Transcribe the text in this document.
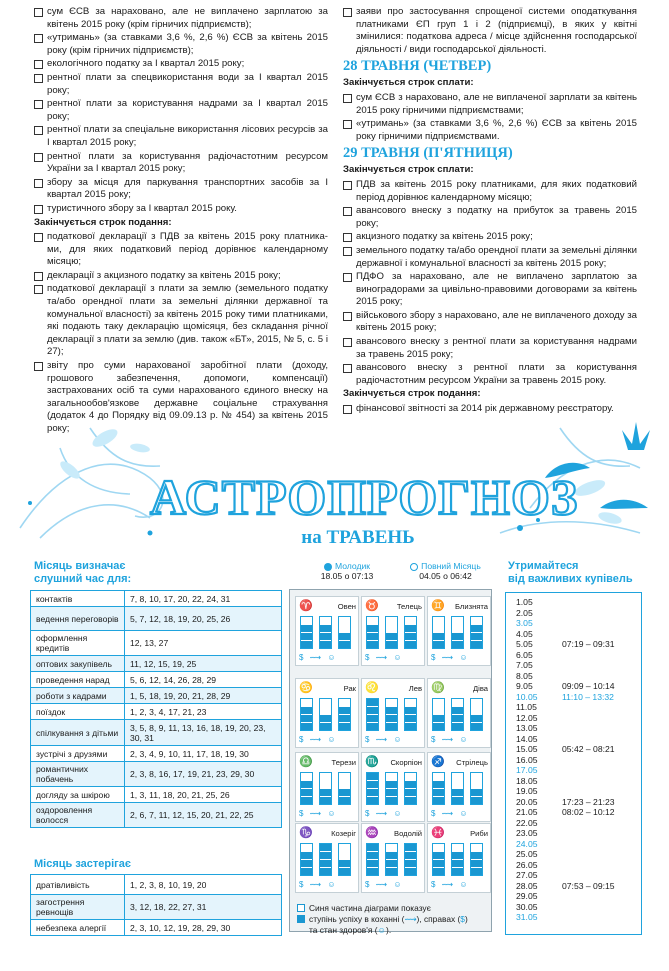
сум ЄСВ за нараховано, але не виплачено зарплатою за квітень 2015 року (крім гірничих підприємств);
«утримань» (за ставками 3,6 %, 2,6 %) ЄСВ за квітень 2015 року (крім гірничих підприємств);
екологічного податку за I квартал 2015 року;
рентної плати за спецвикористання води за I квартал 2015 року;
рентної плати за користування надрами за I квартал 2015 року;
рентної плати за спеціальне використання лісових ресурсів за I квартал 2015 року;
рентної плати за користування радіочастотним ресурсом України за I квартал 2015 року;
збору за місця для паркування транспортних засобів за I квартал 2015 року;
туристичного збору за I квартал 2015 року.
Закінчується строк подання:
податкової декларації з ПДВ за квітень 2015 року платника-ми, для яких податковий період дорівнює календарному місяцю;
декларації з акцизного податку за квітень 2015 року;
податкової декларації з плати за землю (земельного податку та/або орендної плати за земельні ділянки державної та комунальної власності) за квітень 2015 року тими платниками, які подають таку декларацію щомісяця, без складання річної декларації з плати за землю (див. також «БТ», 2015, № 5, с. 5 і 27);
звіту про суми нарахованої заробітної плати (доходу, грошового забезпечення, допомоги, компенсації) застрахованих осіб та суми нарахованого єдиного внеску на загальнообов'язкове державне соціальне страхування (додаток 4 до Порядку від 09.09.13 р. № 454) за квітень 2015 року;
заяви про застосування спрощеної системи оподаткування платниками ЄП груп 1 і 2 (підприємці), в яких у квітні змінилися: податкова адреса / місце здійснення господарської діяльності / види господарської діяльності.
28 ТРАВНЯ (ЧЕТВЕР)
Закінчується строк сплати:
сум ЄСВ з нараховано, але не виплаченої зарплати за квітень 2015 року гірничими підприємствами;
«утримань» (за ставками 3,6 %, 2,6 %) ЄСВ за квітень 2015 року гірничими підприємствами.
29 ТРАВНЯ (П'ЯТНИЦЯ)
Закінчується строк сплати:
ПДВ за квітень 2015 року платниками, для яких податковий період дорівнює календарному місяцю;
авансового внеску з податку на прибуток за травень 2015 року;
акцизного податку за квітень 2015 року;
земельного податку та/або орендної плати за земельні ділянки державної і комунальної власності за квітень 2015 року;
ПДФО за нараховано, але не виплачено зарплатою за виноградорами за цивільно-правовими договорами за квітень 2015 року;
військового збору з нараховано, але не виплаченого доходу за квітень 2015 року;
авансового внеску з рентної плати за користування надрами за травень 2015 року;
авансового внеску з рентної плати за користування радіочастотним ресурсом України за травень 2015 року.
Закінчується строк подання:
фінансової звітності за 2014 рік державному реєстратору.
АСТРОПРОГНОЗ
на ТРАВЕНЬ
Місяць визначає
слушний час для:
контактів	7, 8, 10, 17, 20, 22, 24, 31
ведення переговорів	5, 7, 12, 18, 19, 20, 25, 26
оформлення кредитів	12, 13, 27
оптових закупівель	11, 12, 15, 19, 25
проведення нарад	5, 6, 12, 14, 26, 28, 29
роботи з кадрами	1, 5, 18, 19, 20, 21, 28, 29
поїздок	1, 2, 3, 4, 17, 21, 23
спілкування з дітьми	3, 5, 8, 9, 11, 13, 16, 18, 19, 20, 23, 30, 31
зустрічі з друзями	2, 3, 4, 9, 10, 11, 17, 18, 19, 30
романтичних побачень	2, 3, 8, 16, 17, 19, 21, 23, 29, 30
догляду за шкірою	1, 3, 11, 18, 20, 21, 25, 26
оздоровлення волосся	2, 6, 7, 11, 12, 15, 20, 21, 22, 25
Місяць застерігає
дратівливість	1, 2, 3, 8, 10, 19, 20
загострення ревнощів	3, 12, 18, 22, 27, 31
небезпека алергії	2, 3, 10, 12, 19, 28, 29, 30
Молодик
18.05 о 07:13
Повний Місяць
04.05 о 06:42
♈	Овен
$ ⟿ ☺
♉	Телець
$ ⟿ ☺
♊	Близнята
$ ⟿ ☺
♋	Рак
$ ⟿ ☺
♌	Лев
$ ⟿ ☺
♍	Діва
$ ⟿ ☺
♎	Терези
$ ⟿ ☺
♏	Скорпіон
$ ⟿ ☺
♐	Стрілець
$ ⟿ ☺
♑	Козеріг
$ ⟿ ☺
♒	Водолій
$ ⟿ ☺
♓	Риби
$ ⟿ ☺
Синя частина діаграми показує
ступінь успіху в коханні (⟿), справах ($)
та стан здоров'я (☺).
Утримайтеся
від важливих купівель
1.05
2.05
3.05
4.05
5.05	07:19 – 09:31
6.05
7.05
8.05
9.05	09:09 – 10:14
10.05	11:10 – 13:32
11.05
12.05
13.05
14.05
15.05	05:42 – 08:21
16.05
17.05
18.05
19.05
20.05	17:23 – 21:23
21.05	08:02 – 10:12
22.05
23.05
24.05
25.05
26.05
27.05
28.05	07:53 – 09:15
29.05
30.05
31.05
